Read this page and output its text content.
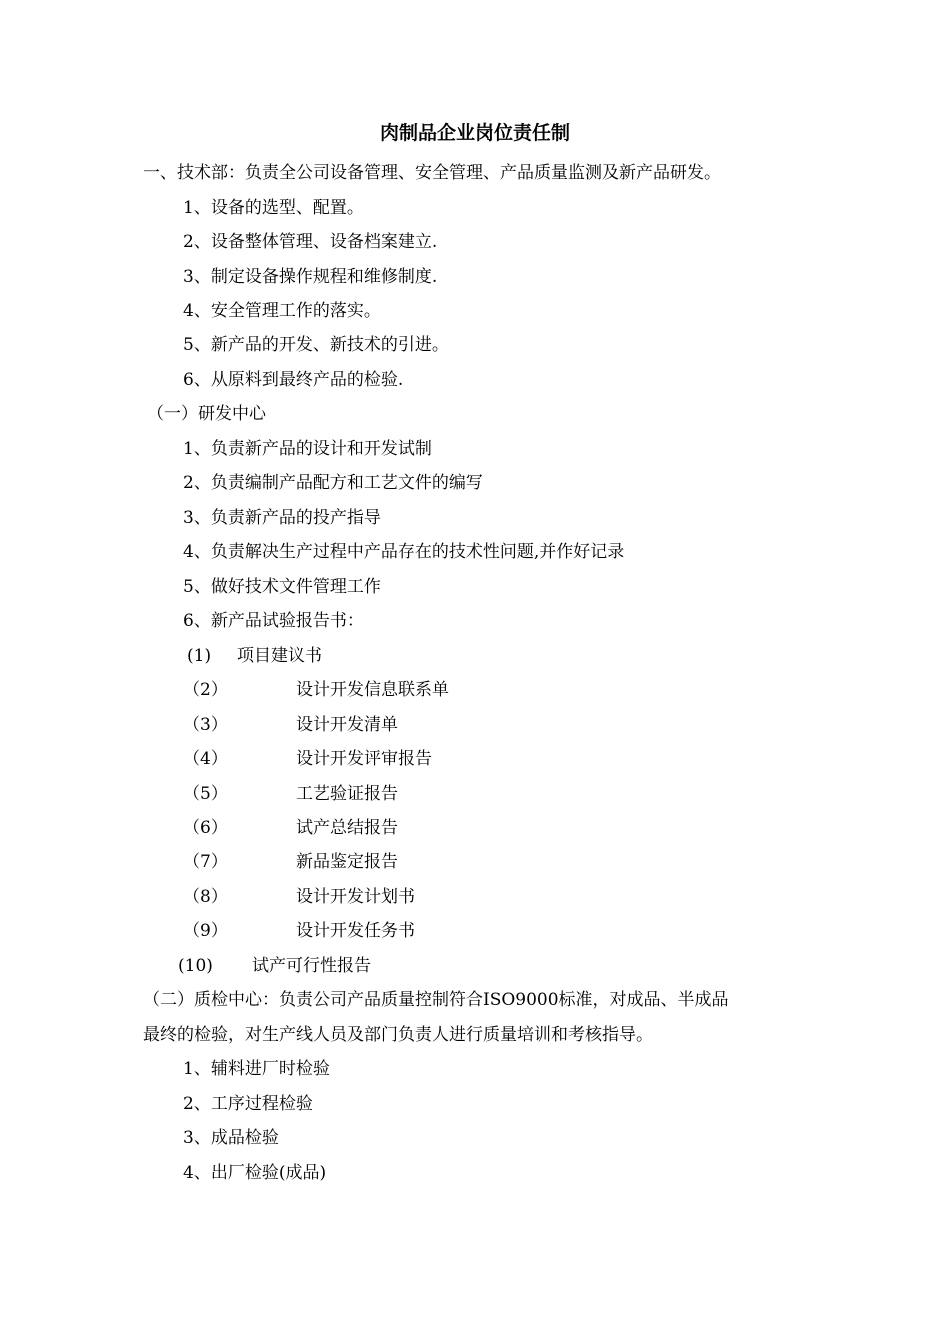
肉制品企业岗位责任制
一、技术部：负责全公司设备管理、安全管理、产品质量监测及新产品研发。
1、设备的选型、配置。
2、设备整体管理、设备档案建立.
3、制定设备操作规程和维修制度.
4、安全管理工作的落实。
5、新产品的开发、新技术的引进。
6、从原料到最终产品的检验.
（一）研发中心
1、负责新产品的设计和开发试制
2、负责编制产品配方和工艺文件的编写
3、负责新产品的投产指导
4、负责解决生产过程中产品存在的技术性问题,并作好记录
5、做好技术文件管理工作
6、新产品试验报告书：
(1) 项目建议书
（2）	设计开发信息联系单
（3）	设计开发清单
（4）	设计开发评审报告
（5）	工艺验证报告
（6）	试产总结报告
（7）	新品鉴定报告
（8）	设计开发计划书
（9）	设计开发任务书
(10) 试产可行性报告
（二）质检中心：负责公司产品质量控制符合ISO9000标准，对成品、半成品
最终的检验，对生产线人员及部门负责人进行质量培训和考核指导。
1、辅料进厂时检验
2、工序过程检验
3、成品检验
4、出厂检验(成品)
